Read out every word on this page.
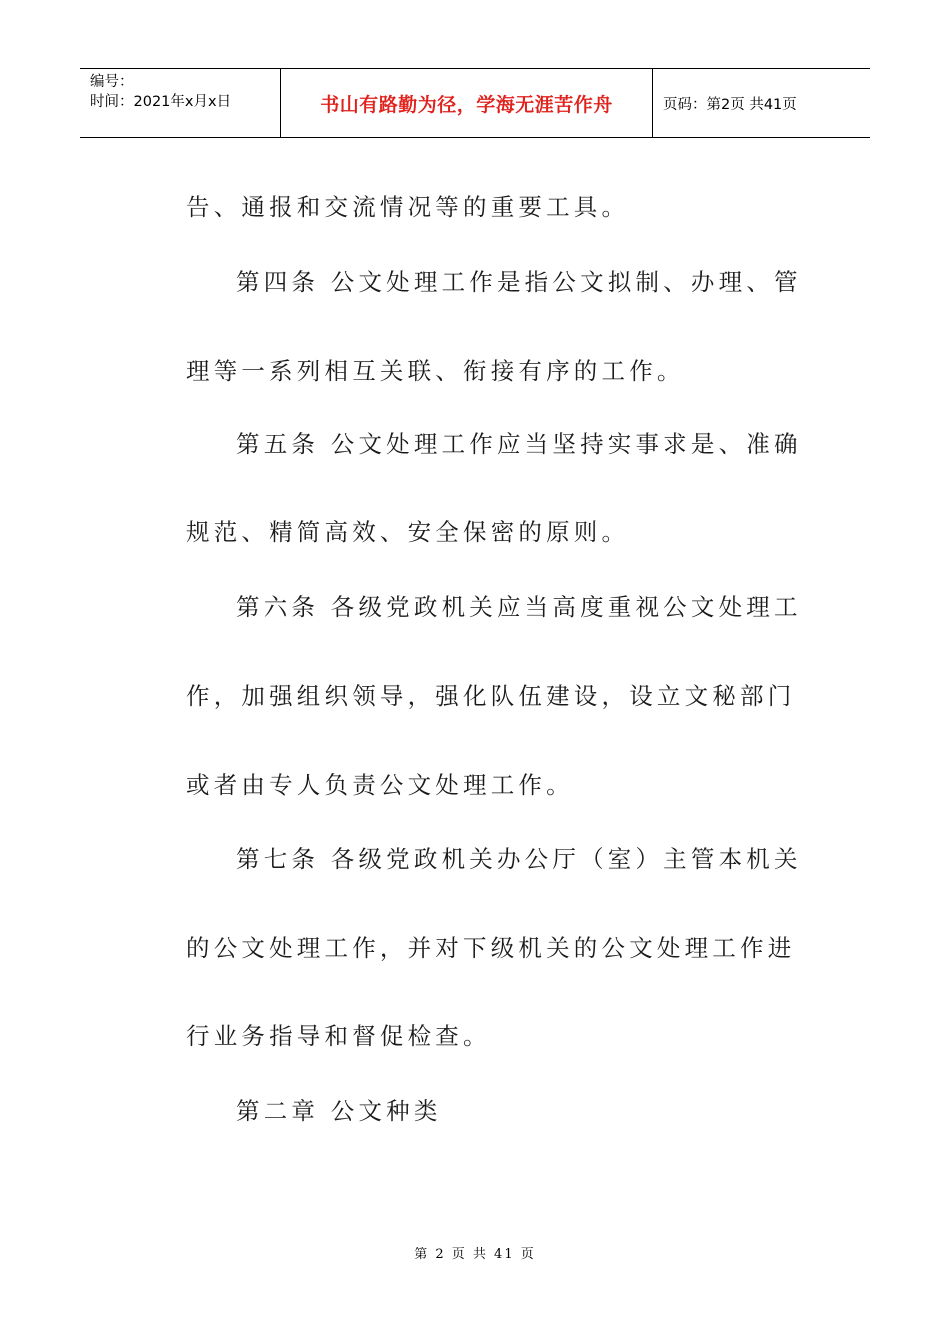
编号：
时间：2021年x月x日	书山有路勤为径，学海无涯苦作舟	页码：第2页 共41页
告、通报和交流情况等的重要工具。
第四条 公文处理工作是指公文拟制、办理、管
理等一系列相互关联、衔接有序的工作。
第五条 公文处理工作应当坚持实事求是、准确
规范、精简高效、安全保密的原则。
第六条 各级党政机关应当高度重视公文处理工
作，加强组织领导，强化队伍建设，设立文秘部门
或者由专人负责公文处理工作。
第七条 各级党政机关办公厅（室）主管本机关
的公文处理工作，并对下级机关的公文处理工作进
行业务指导和督促检查。
第二章 公文种类
第 2 页 共 41 页
